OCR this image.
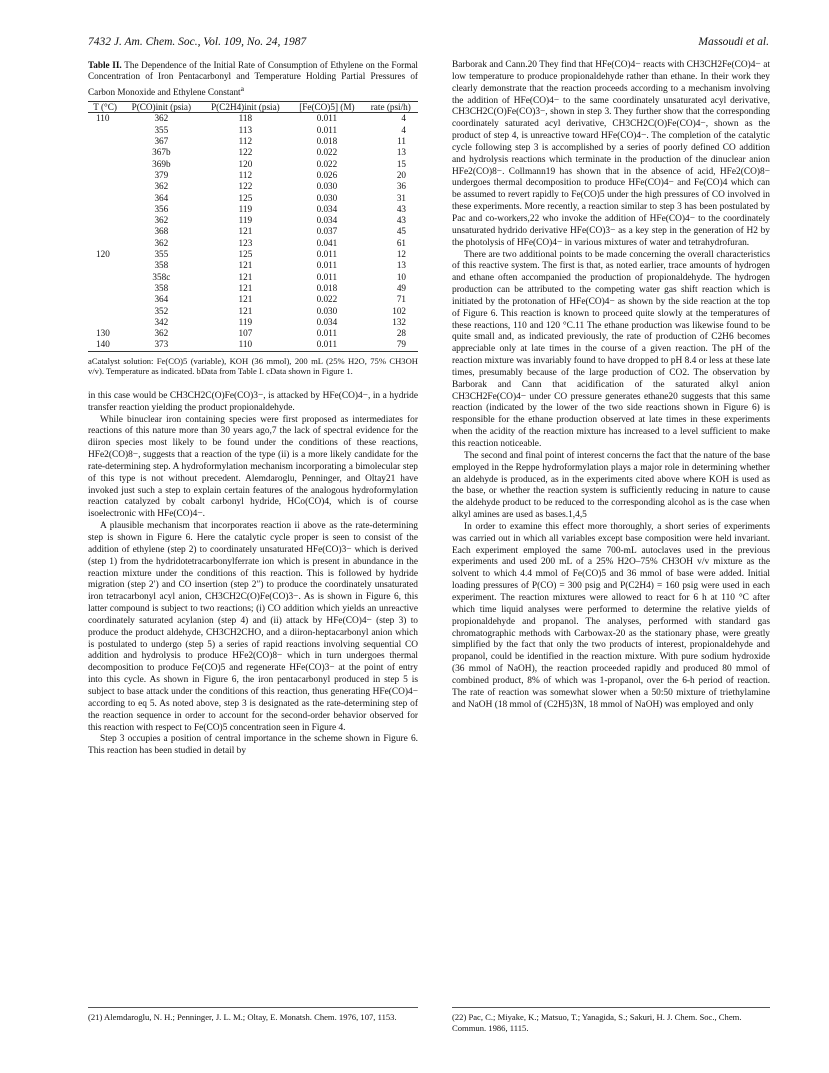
7432 J. Am. Chem. Soc., Vol. 109, No. 24, 1987	Massoudi et al.
Table II. The Dependence of the Initial Rate of Consumption of Ethylene on the Formal Concentration of Iron Pentacarbonyl and Temperature Holding Partial Pressures of Carbon Monoxide and Ethylene Constant$^a$
T (°C)	P(CO)init (psia)	P(C2H4)init (psia)	[Fe(CO)5] (M)	rate (psi/h)

110	362	118	0.011	4
	355	113	0.011	4
	367	112	0.018	11
	367b	122	0.022	13
	369b	120	0.022	15
	379	112	0.026	20
	362	122	0.030	36
	364	125	0.030	31
	356	119	0.034	43
	362	119	0.034	43
	368	121	0.037	45
	362	123	0.041	61
120	355	125	0.011	12
	358	121	0.011	13
	358c	121	0.011	10
	358	121	0.018	49
	364	121	0.022	71
	352	121	0.030	102
	342	119	0.034	132
130	362	107	0.011	28
140	373	110	0.011	79
aCatalyst solution: Fe(CO)5 (variable), KOH (36 mmol), 200 mL (25% H2O, 75% CH3OH v/v). Temperature as indicated. bData from Table I. cData shown in Figure 1.

in this case would be CH3CH2C(O)Fe(CO)3−, is attacked by HFe(CO)4−, in a hydride transfer reaction yielding the product propionaldehyde.

While binuclear iron containing species were first proposed as intermediates for reactions of this nature more than 30 years ago,7 the lack of spectral evidence for the diiron species most likely to be found under the conditions of these reactions, HFe2(CO)8−, suggests that a reaction of the type (ii) is a more likely candidate for the rate-determining step. A hydroformylation mechanism incorporating a bimolecular step of this type is not without precedent. Alemdaroglu, Penninger, and Oltay21 have invoked just such a step to explain certain features of the analogous hydroformylation reaction catalyzed by cobalt carbonyl hydride, HCo(CO)4, which is of course isoelectronic with HFe(CO)4−.

A plausible mechanism that incorporates reaction ii above as the rate-determining step is shown in Figure 6. Here the catalytic cycle proper is seen to consist of the addition of ethylene (step 2) to coordinately unsaturated HFe(CO)3− which is derived (step 1) from the hydridotetracarbonylferrate ion which is present in abundance in the reaction mixture under the conditions of this reaction. This is followed by hydride migration (step 2′) and CO insertion (step 2″) to produce the coordinately unsaturated iron tetracarbonyl acyl anion, CH3CH2C(O)Fe(CO)3−. As is shown in Figure 6, this latter compound is subject to two reactions; (i) CO addition which yields an unreactive coordinately saturated acylanion (step 4) and (ii) attack by HFe(CO)4− (step 3) to produce the product aldehyde, CH3CH2CHO, and a diiron-heptacarbonyl anion which is postulated to undergo (step 5) a series of rapid reactions involving sequential CO addition and hydrolysis to produce HFe2(CO)8− which in turn undergoes thermal decomposition to produce Fe(CO)5 and regenerate HFe(CO)3− at the point of entry into this cycle. As shown in Figure 6, the iron pentacarbonyl produced in step 5 is subject to base attack under the conditions of this reaction, thus generating HFe(CO)4− according to eq 5. As noted above, step 3 is designated as the rate-determining step of the reaction sequence in order to account for the second-order behavior observed for this reaction with respect to Fe(CO)5 concentration seen in Figure 4.

Step 3 occupies a position of central importance in the scheme shown in Figure 6. This reaction has been studied in detail by

Barborak and Cann.20 They find that HFe(CO)4− reacts with CH3CH2Fe(CO)4− at low temperature to produce propionaldehyde rather than ethane. In their work they clearly demonstrate that the reaction proceeds according to a mechanism involving the addition of HFe(CO)4− to the same coordinately unsaturated acyl derivative, CH3CH2C(O)Fe(CO)3−, shown in step 3. They further show that the corresponding coordinately saturated acyl derivative, CH3CH2C(O)Fe(CO)4−, shown as the product of step 4, is unreactive toward HFe(CO)4−. The completion of the catalytic cycle following step 3 is accomplished by a series of poorly defined CO addition and hydrolysis reactions which terminate in the production of the dinuclear anion HFe2(CO)8−. Collmann19 has shown that in the absence of acid, HFe2(CO)8− undergoes thermal decomposition to produce HFe(CO)4− and Fe(CO)4 which can be assumed to revert rapidly to Fe(CO)5 under the high pressures of CO involved in these experiments. More recently, a reaction similar to step 3 has been postulated by Pac and co-workers,22 who invoke the addition of HFe(CO)4− to the coordinately unsaturated hydrido derivative HFe(CO)3− as a key step in the generation of H2 by the photolysis of HFe(CO)4− in various mixtures of water and tetrahydrofuran.

There are two additional points to be made concerning the overall characteristics of this reactive system. The first is that, as noted earlier, trace amounts of hydrogen and ethane often accompanied the production of propionaldehyde. The hydrogen production can be attributed to the competing water gas shift reaction which is initiated by the protonation of HFe(CO)4− as shown by the side reaction at the top of Figure 6. This reaction is known to proceed quite slowly at the temperatures of these reactions, 110 and 120 °C.11 The ethane production was likewise found to be quite small and, as indicated previously, the rate of production of C2H6 becomes appreciable only at late times in the course of a given reaction. The pH of the reaction mixture was invariably found to have dropped to pH 8.4 or less at these late times, presumably because of the large production of CO2. The observation by Barborak and Cann that acidification of the saturated alkyl anion CH3CH2Fe(CO)4− under CO pressure generates ethane20 suggests that this same reaction (indicated by the lower of the two side reactions shown in Figure 6) is responsible for the ethane production observed at late times in these experiments when the acidity of the reaction mixture has increased to a level sufficient to make this reaction noticeable.

The second and final point of interest concerns the fact that the nature of the base employed in the Reppe hydroformylation plays a major role in determining whether an aldehyde is produced, as in the experiments cited above where KOH is used as the base, or whether the reaction system is sufficiently reducing in nature to cause the aldehyde product to be reduced to the corresponding alcohol as is the case when alkyl amines are used as bases.1,4,5

In order to examine this effect more thoroughly, a short series of experiments was carried out in which all variables except base composition were held invariant. Each experiment employed the same 700-mL autoclaves used in the previous experiments and used 200 mL of a 25% H2O–75% CH3OH v/v mixture as the solvent to which 4.4 mmol of Fe(CO)5 and 36 mmol of base were added. Initial loading pressures of P(CO) = 300 psig and P(C2H4) = 160 psig were used in each experiment. The reaction mixtures were allowed to react for 6 h at 110 °C after which time liquid analyses were performed to determine the relative yields of propionaldehyde and propanol. The analyses, performed with standard gas chromatographic methods with Carbowax-20 as the stationary phase, were greatly simplified by the fact that only the two products of interest, propionaldehyde and propanol, could be identified in the reaction mixture. With pure sodium hydroxide (36 mmol of NaOH), the reaction proceeded rapidly and produced 80 mmol of combined product, 8% of which was 1-propanol, over the 6-h period of reaction. The rate of reaction was somewhat slower when a 50:50 mixture of triethylamine and NaOH (18 mmol of (C2H5)3N, 18 mmol of NaOH) was employed and only

(21) Alemdaroglu, N. H.; Penninger, J. L. M.; Oltay, E. Monatsh. Chem. 1976, 107, 1153.	(22) Pac, C.; Miyake, K.; Matsuo, T.; Yanagida, S.; Sakuri, H. J. Chem. Soc., Chem. Commun. 1986, 1115.
